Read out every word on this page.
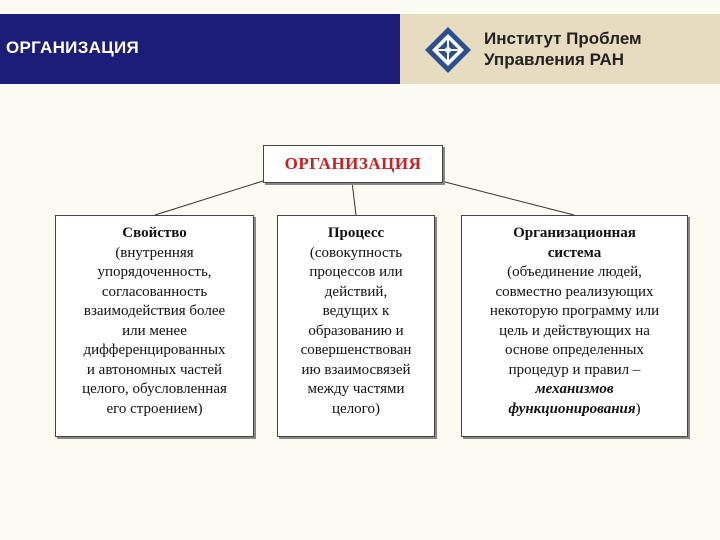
ОРГАНИЗАЦИЯ	Институт Проблем
Управления РАН
ОРГАНИЗАЦИЯ
Свойство
(внутренняя
упорядоченность,
согласованность
взаимодействия более
или менее
дифференцированных
и автономных частей
целого, обусловленная
его строением)
Процесс
(совокупность
процессов или
действий,
ведущих к
образованию и
совершенствован
ию взаимосвязей
между частями
целого)
Организационная
система
(объединение людей,
совместно реализующих
некоторую программу или
цель и действующих на
основе определенных
процедур и правил –
механизмов
функционирования)
